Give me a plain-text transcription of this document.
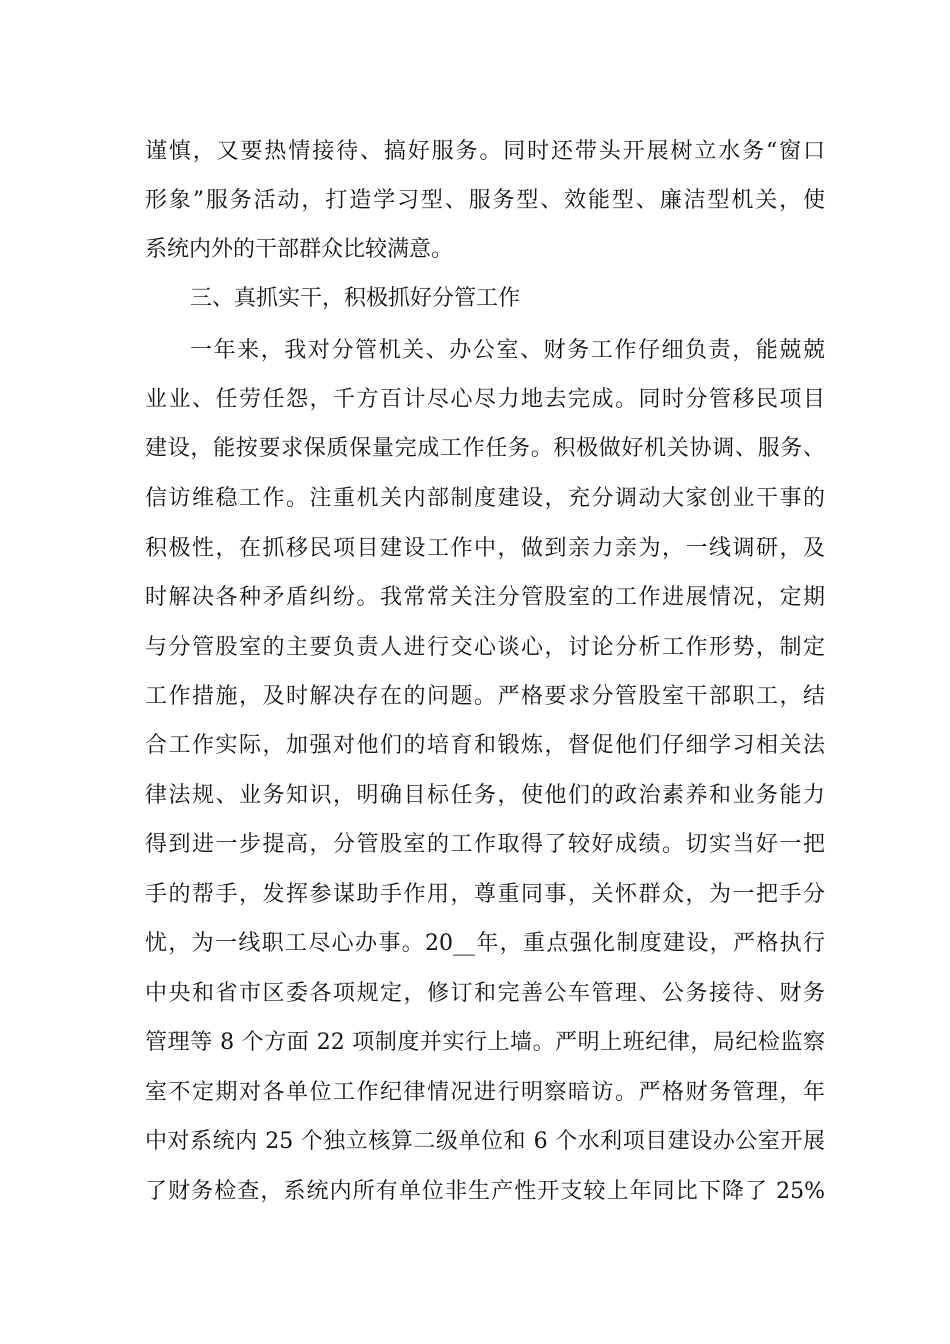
谨慎，又要热情接待、搞好服务。同时还带头开展树立水务“窗口
形象”服务活动，打造学习型、服务型、效能型、廉洁型机关，使
系统内外的干部群众比较满意。
三、真抓实干，积极抓好分管工作
一年来，我对分管机关、办公室、财务工作仔细负责，能兢兢
业业、任劳任怨，千方百计尽心尽力地去完成。同时分管移民项目
建设，能按要求保质保量完成工作任务。积极做好机关协调、服务、
信访维稳工作。注重机关内部制度建设，充分调动大家创业干事的
积极性，在抓移民项目建设工作中，做到亲力亲为，一线调研，及
时解决各种矛盾纠纷。我常常关注分管股室的工作进展情况，定期
与分管股室的主要负责人进行交心谈心，讨论分析工作形势，制定
工作措施，及时解决存在的问题。严格要求分管股室干部职工，结
合工作实际，加强对他们的培育和锻炼，督促他们仔细学习相关法
律法规、业务知识，明确目标任务，使他们的政治素养和业务能力
得到进一步提高，分管股室的工作取得了较好成绩。切实当好一把
手的帮手，发挥参谋助手作用，尊重同事，关怀群众，为一把手分
忧，为一线职工尽心办事。20__年，重点强化制度建设，严格执行
中央和省市区委各项规定，修订和完善公车管理、公务接待、财务
管理等 8 个方面 22 项制度并实行上墙。严明上班纪律，局纪检监察
室不定期对各单位工作纪律情况进行明察暗访。严格财务管理，年
中对系统内 25 个独立核算二级单位和 6 个水利项目建设办公室开展
了财务检查，系统内所有单位非生产性开支较上年同比下降了 25%
